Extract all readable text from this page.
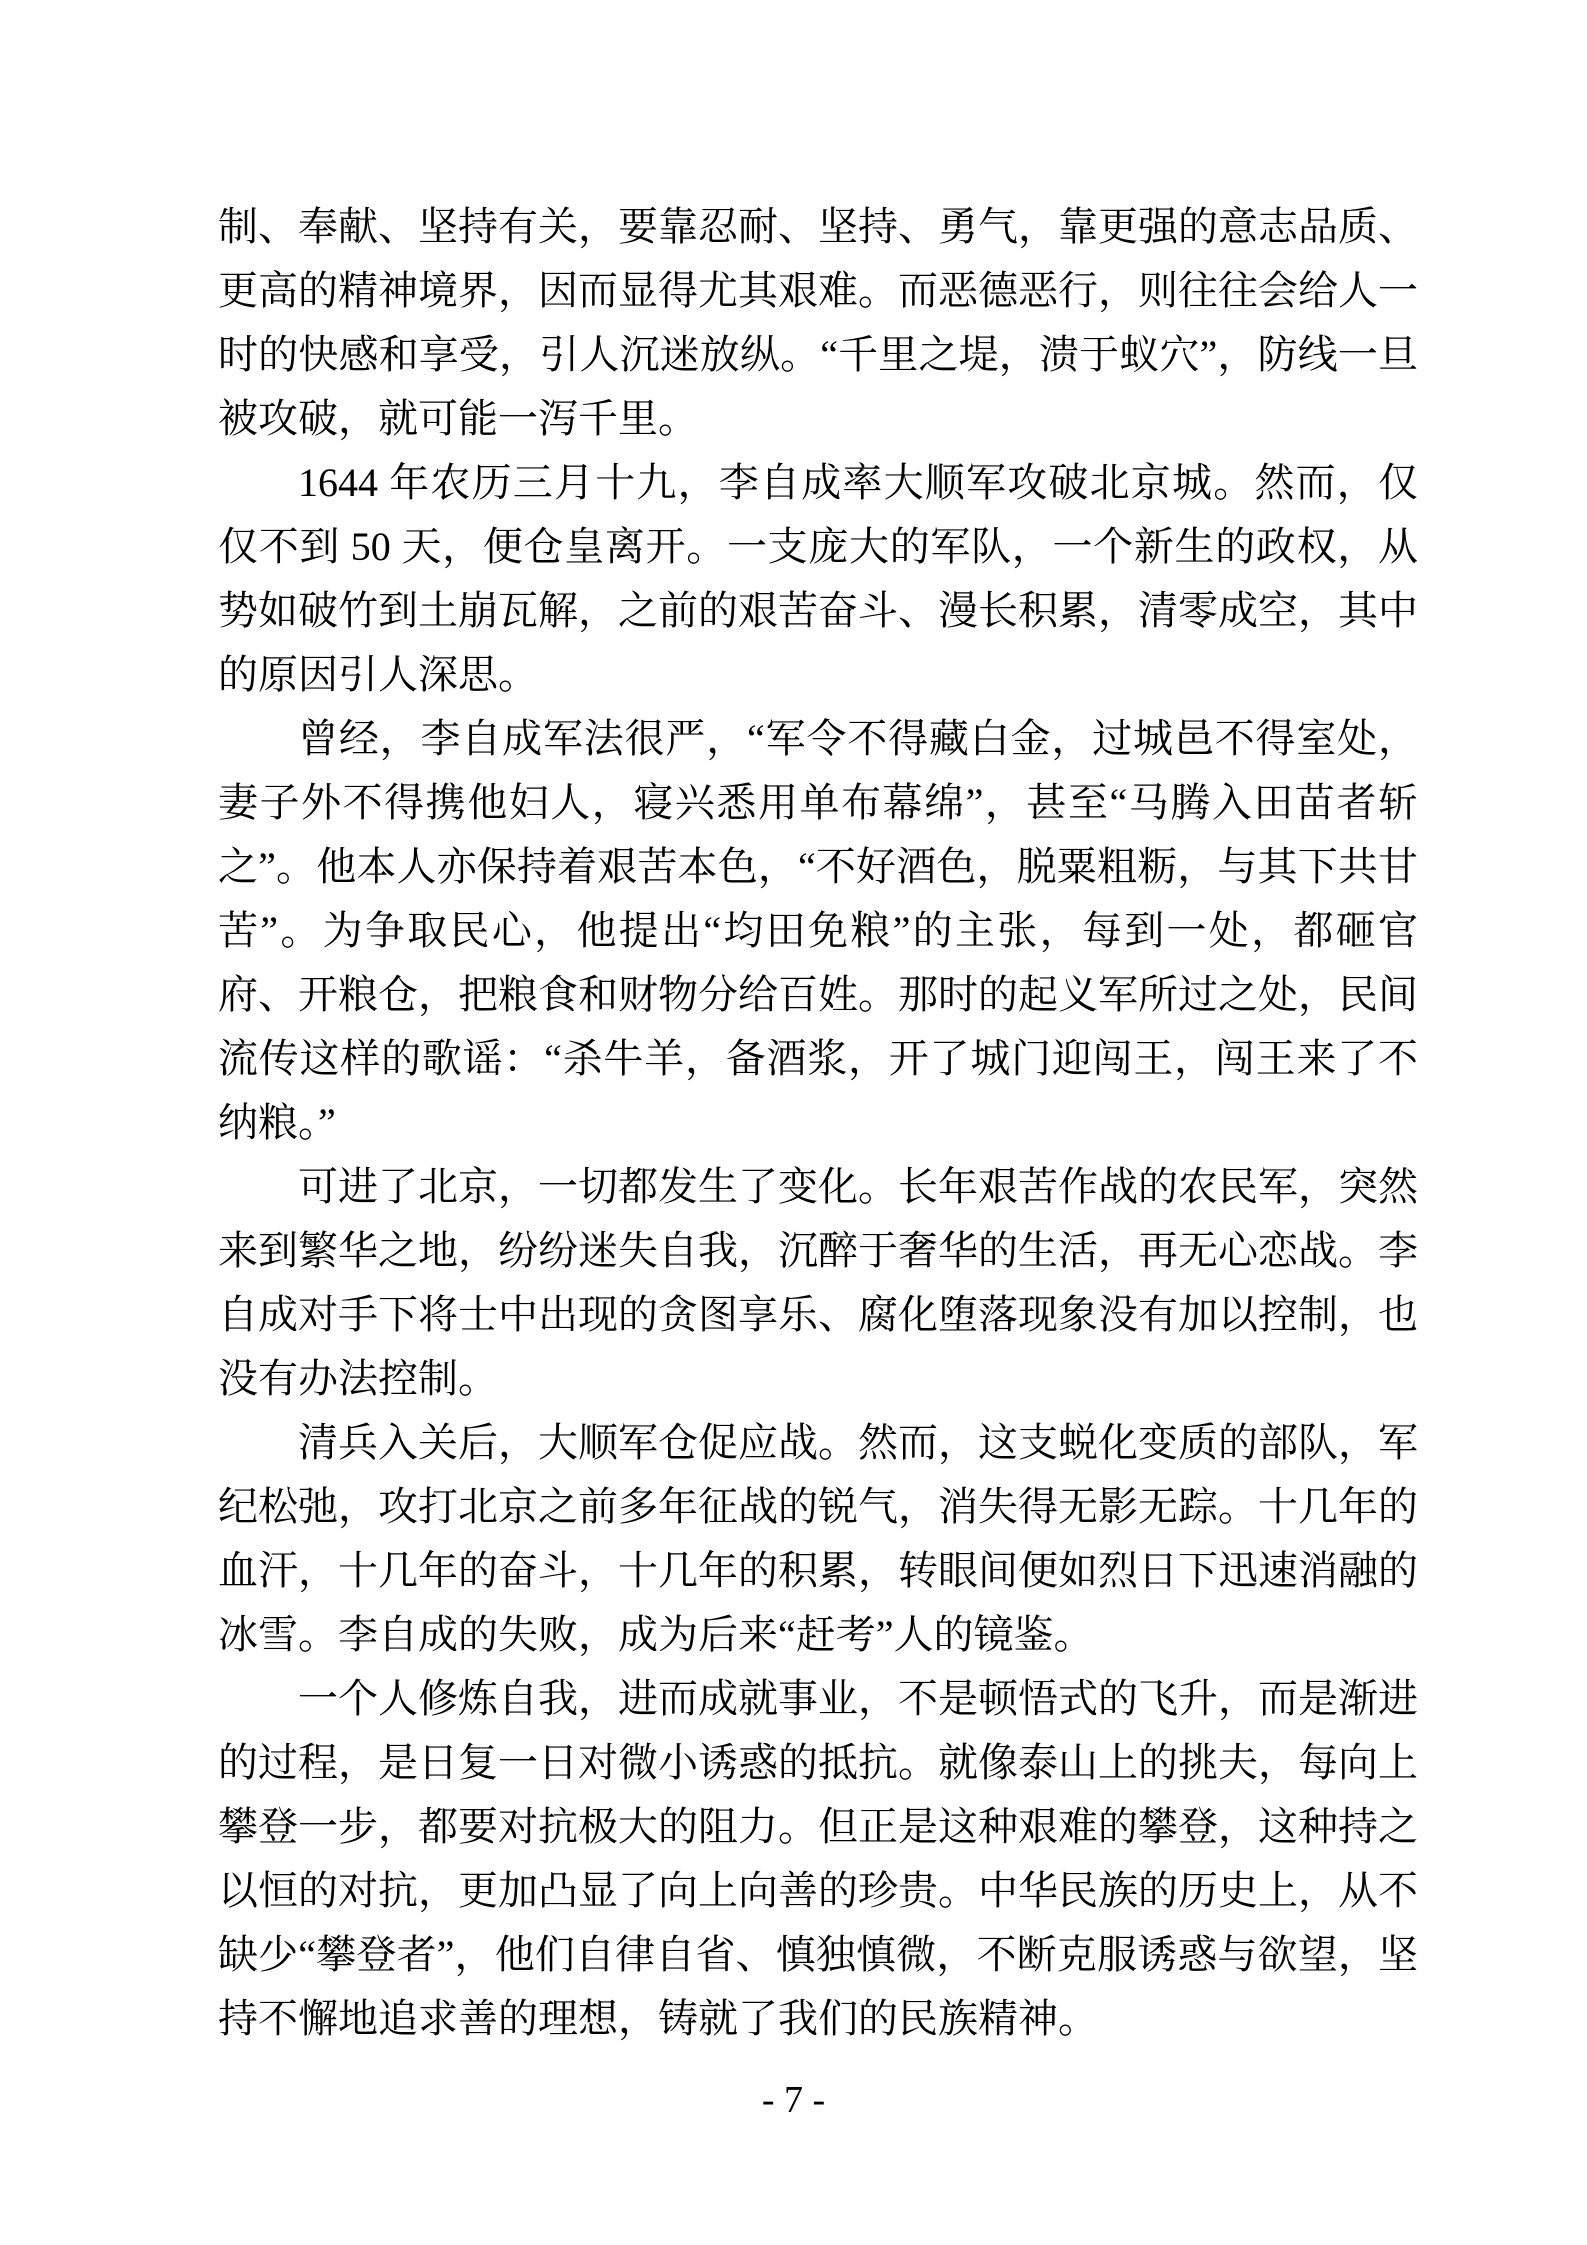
制、奉献、坚持有关，要靠忍耐、坚持、勇气，靠更强的意志品质、更高的精神境界，因而显得尤其艰难。而恶德恶行，则往往会给人一时的快感和享受，引人沉迷放纵。“千里之堤，溃于蚁穴”，防线一旦被攻破，就可能一泻千里。

1644 年农历三月十九，李自成率大顺军攻破北京城。然而，仅仅不到 50 天，便仓皇离开。一支庞大的军队，一个新生的政权，从势如破竹到土崩瓦解，之前的艰苦奋斗、漫长积累，清零成空，其中的原因引人深思。

曾经，李自成军法很严，“军令不得藏白金，过城邑不得室处，妻子外不得携他妇人，寝兴悉用单布幕绵”，甚至“马腾入田苗者斩之”。他本人亦保持着艰苦本色，“不好酒色，脱粟粗粝，与其下共甘苦”。为争取民心，他提出“均田免粮”的主张，每到一处，都砸官府、开粮仓，把粮食和财物分给百姓。那时的起义军所过之处，民间流传这样的歌谣：“杀牛羊，备酒浆，开了城门迎闯王，闯王来了不纳粮。”

可进了北京，一切都发生了变化。长年艰苦作战的农民军，突然来到繁华之地，纷纷迷失自我，沉醉于奢华的生活，再无心恋战。李自成对手下将士中出现的贪图享乐、腐化堕落现象没有加以控制，也没有办法控制。

清兵入关后，大顺军仓促应战。然而，这支蜕化变质的部队，军纪松弛，攻打北京之前多年征战的锐气，消失得无影无踪。十几年的血汗，十几年的奋斗，十几年的积累，转眼间便如烈日下迅速消融的冰雪。李自成的失败，成为后来“赶考”人的镜鉴。

一个人修炼自我，进而成就事业，不是顿悟式的飞升，而是渐进的过程，是日复一日对微小诱惑的抵抗。就像泰山上的挑夫，每向上攀登一步，都要对抗极大的阻力。但正是这种艰难的攀登，这种持之以恒的对抗，更加凸显了向上向善的珍贵。中华民族的历史上，从不缺少“攀登者”，他们自律自省、慎独慎微，不断克服诱惑与欲望，坚持不懈地追求善的理想，铸就了我们的民族精神。

- 7 -
